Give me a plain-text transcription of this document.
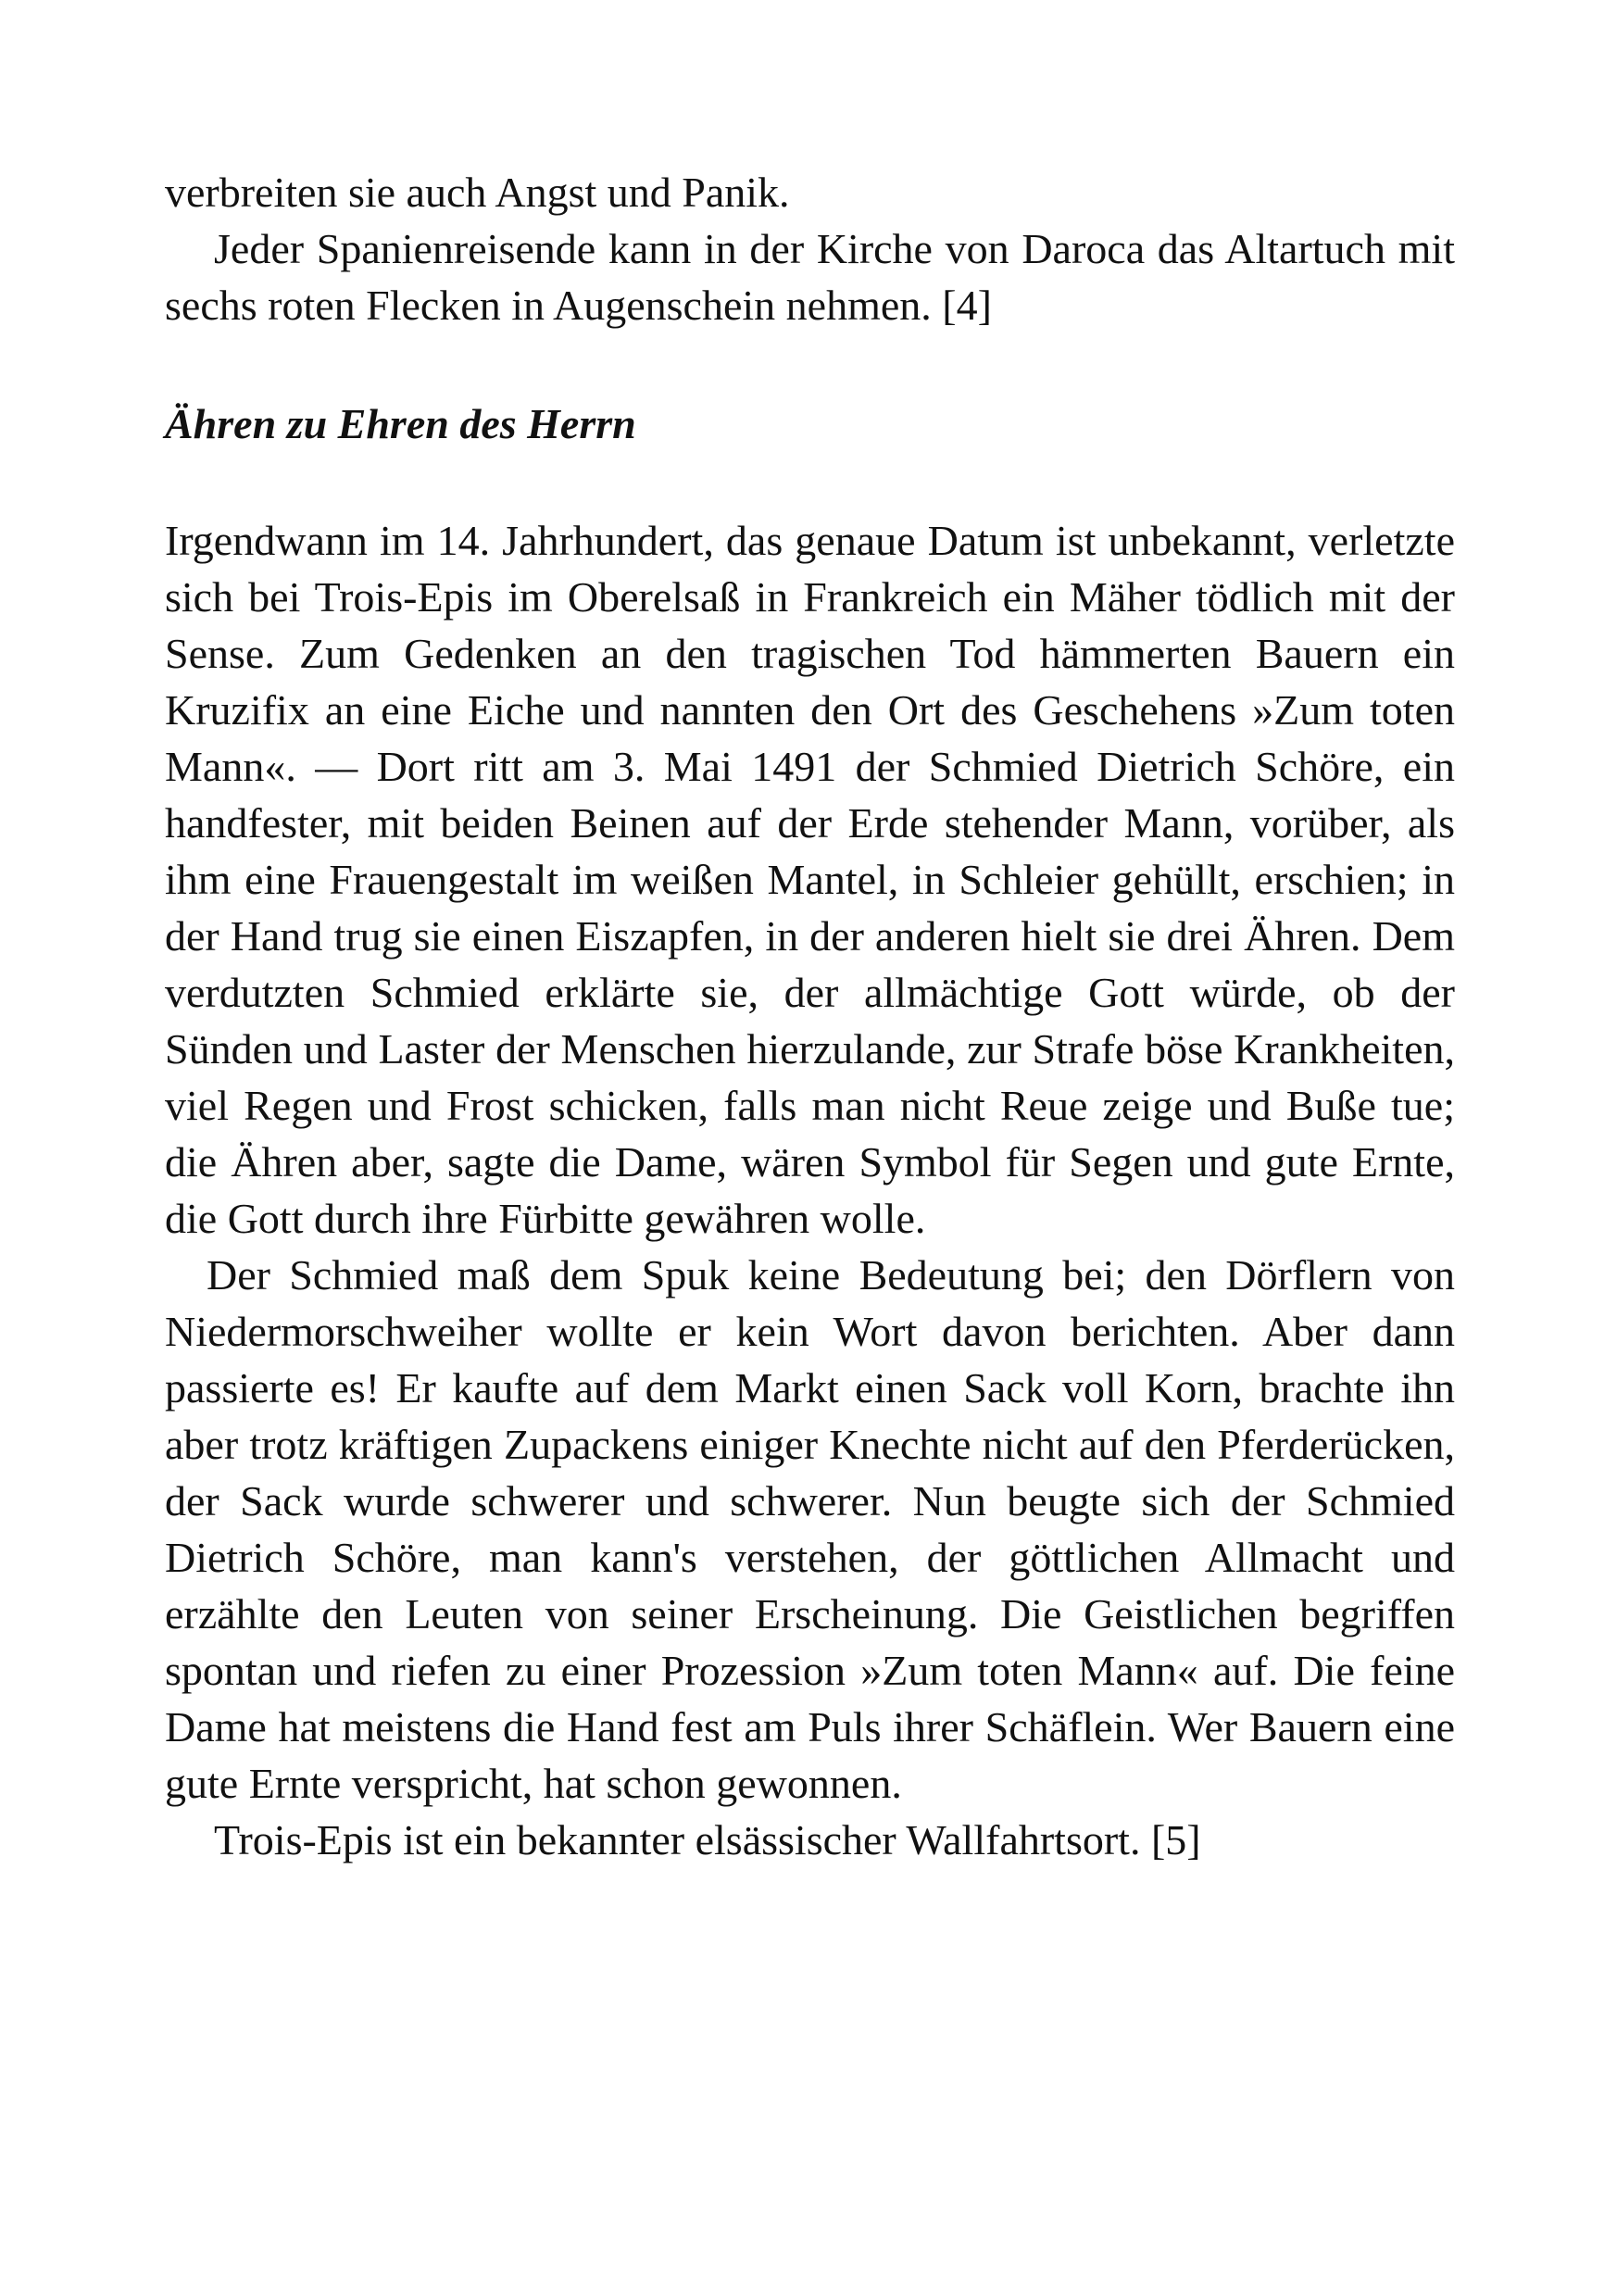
verbreiten sie auch Angst und Panik.

Jeder Spanienreisende kann in der Kirche von Daroca das Altartuch mit sechs roten Flecken in Augenschein nehmen. [4]

Ähren zu Ehren des Herrn

Irgendwann im 14. Jahrhundert, das genaue Datum ist unbekannt, verletzte sich bei Trois-Epis im Oberelsaß in Frankreich ein Mäher tödlich mit der Sense. Zum Gedenken an den tragischen Tod hämmerten Bauern ein Kruzifix an eine Eiche und nannten den Ort des Geschehens »Zum toten Mann«. — Dort ritt am 3. Mai 1491 der Schmied Dietrich Schöre, ein handfester, mit beiden Beinen auf der Erde stehender Mann, vorüber, als ihm eine Frauengestalt im weißen Mantel, in Schleier gehüllt, erschien; in der Hand trug sie einen Eiszapfen, in der anderen hielt sie drei Ähren. Dem verdutzten Schmied erklärte sie, der allmächtige Gott würde, ob der Sünden und Laster der Menschen hierzulande, zur Strafe böse Krankheiten, viel Regen und Frost schicken, falls man nicht Reue zeige und Buße tue; die Ähren aber, sagte die Dame, wären Symbol für Segen und gute Ernte, die Gott durch ihre Fürbitte gewähren wolle.

Der Schmied maß dem Spuk keine Bedeutung bei; den Dörflern von Niedermorschweiher wollte er kein Wort davon berichten. Aber dann passierte es! Er kaufte auf dem Markt einen Sack voll Korn, brachte ihn aber trotz kräftigen Zupackens einiger Knechte nicht auf den Pferderücken, der Sack wurde schwerer und schwerer. Nun beugte sich der Schmied Dietrich Schöre, man kann's verstehen, der göttlichen Allmacht und erzählte den Leuten von seiner Erscheinung. Die Geistlichen begriffen spontan und riefen zu einer Prozession »Zum toten Mann« auf. Die feine Dame hat meistens die Hand fest am Puls ihrer Schäflein. Wer Bauern eine gute Ernte verspricht, hat schon gewonnen.

Trois-Epis ist ein bekannter elsässischer Wallfahrtsort. [5]
